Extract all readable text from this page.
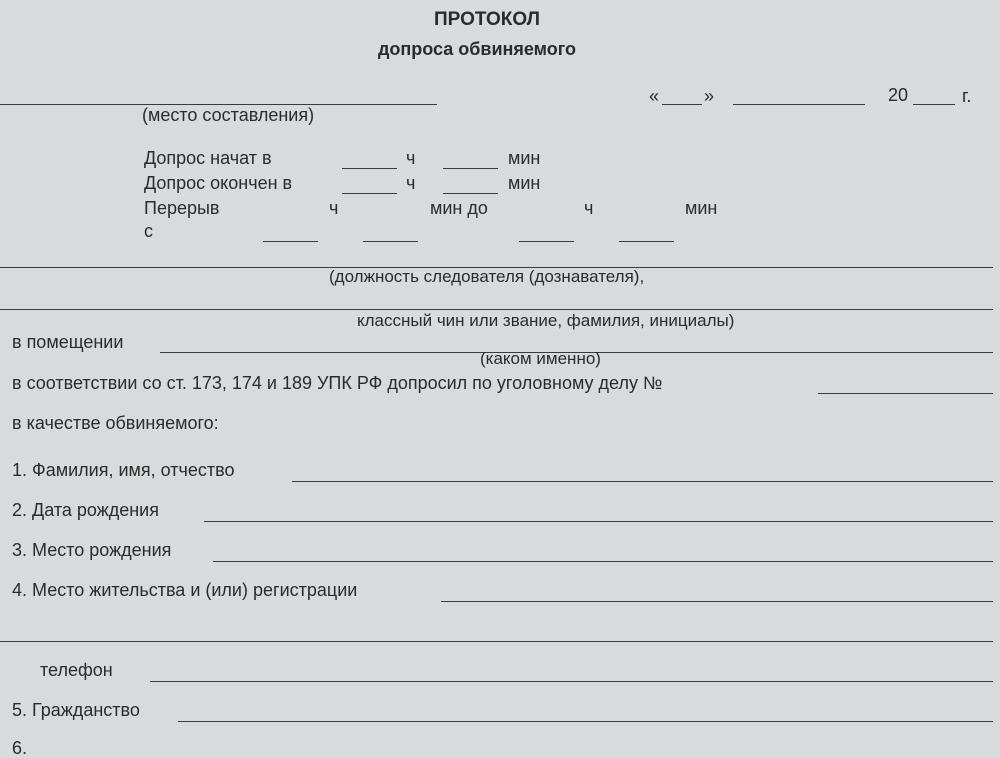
ПРОТОКОЛ
допроса обвиняемого
(место составления)
« »	20	г.
Допрос начат в	ч	мин
Допрос окончен в	ч	мин
Перерыв	ч	мин до	ч	мин
с
(должность следователя (дознавателя),
классный чин или звание, фамилия, инициалы)
в помещении
(каком именно)
в соответствии со ст. 173, 174 и 189 УПК РФ допросил по уголовному делу №
в качестве обвиняемого:
1. Фамилия, имя, отчество
2. Дата рождения
3. Место рождения
4. Место жительства и (или) регистрации
телефон
5. Гражданство
6.
